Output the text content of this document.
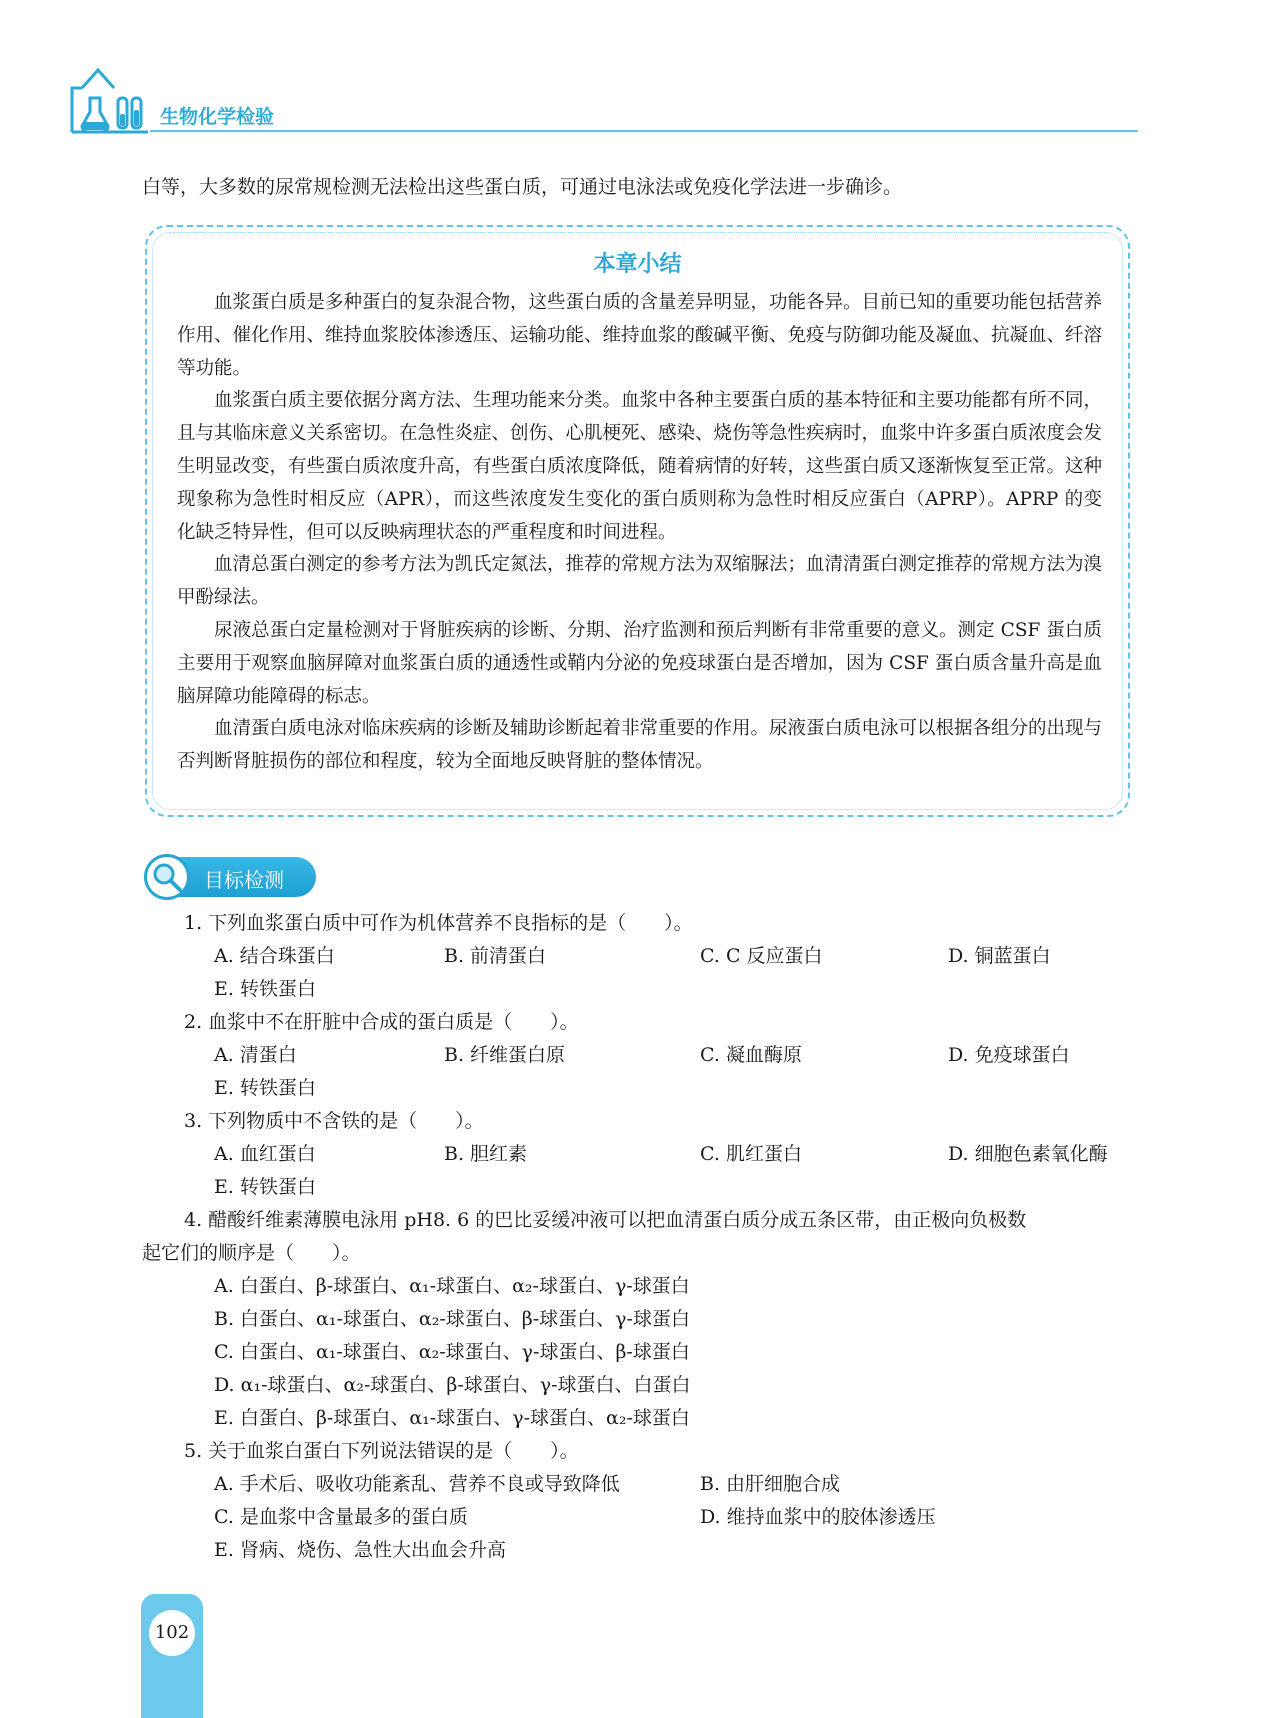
生物化学检验
白等，大多数的尿常规检测无法检出这些蛋白质，可通过电泳法或免疫化学法进一步确诊。
本章小结

血浆蛋白质是多种蛋白的复杂混合物，这些蛋白质的含量差异明显，功能各异。目前已知的重要功能包括营养作用、催化作用、维持血浆胶体渗透压、运输功能、维持血浆的酸碱平衡、免疫与防御功能及凝血、抗凝血、纤溶等功能。

血浆蛋白质主要依据分离方法、生理功能来分类。血浆中各种主要蛋白质的基本特征和主要功能都有所不同，且与其临床意义关系密切。在急性炎症、创伤、心肌梗死、感染、烧伤等急性疾病时，血浆中许多蛋白质浓度会发生明显改变，有些蛋白质浓度升高，有些蛋白质浓度降低，随着病情的好转，这些蛋白质又逐渐恢复至正常。这种现象称为急性时相反应（APR），而这些浓度发生变化的蛋白质则称为急性时相反应蛋白（APRP）。APRP 的变化缺乏特异性，但可以反映病理状态的严重程度和时间进程。

血清总蛋白测定的参考方法为凯氏定氮法，推荐的常规方法为双缩脲法；血清清蛋白测定推荐的常规方法为溴甲酚绿法。

尿液总蛋白定量检测对于肾脏疾病的诊断、分期、治疗监测和预后判断有非常重要的意义。测定 CSF 蛋白质主要用于观察血脑屏障对血浆蛋白质的通透性或鞘内分泌的免疫球蛋白是否增加，因为 CSF 蛋白质含量升高是血脑屏障功能障碍的标志。

血清蛋白质电泳对临床疾病的诊断及辅助诊断起着非常重要的作用。尿液蛋白质电泳可以根据各组分的出现与否判断肾脏损伤的部位和程度，较为全面地反映肾脏的整体情况。

目标检测
1. 下列血浆蛋白质中可作为机体营养不良指标的是（　　）。
A. 结合珠蛋白	B. 前清蛋白	C. C 反应蛋白	D. 铜蓝蛋白
E. 转铁蛋白
2. 血浆中不在肝脏中合成的蛋白质是（　　）。
A. 清蛋白	B. 纤维蛋白原	C. 凝血酶原	D. 免疫球蛋白
E. 转铁蛋白
3. 下列物质中不含铁的是（　　）。
A. 血红蛋白	B. 胆红素	C. 肌红蛋白	D. 细胞色素氧化酶
E. 转铁蛋白
4. 醋酸纤维素薄膜电泳用 pH8. 6 的巴比妥缓冲液可以把血清蛋白质分成五条区带，由正极向负极数
起它们的顺序是（　　）。
A. 白蛋白、β-球蛋白、α₁-球蛋白、α₂-球蛋白、γ-球蛋白
B. 白蛋白、α₁-球蛋白、α₂-球蛋白、β-球蛋白、γ-球蛋白
C. 白蛋白、α₁-球蛋白、α₂-球蛋白、γ-球蛋白、β-球蛋白
D. α₁-球蛋白、α₂-球蛋白、β-球蛋白、γ-球蛋白、白蛋白
E. 白蛋白、β-球蛋白、α₁-球蛋白、γ-球蛋白、α₂-球蛋白
5. 关于血浆白蛋白下列说法错误的是（　　）。
A. 手术后、吸收功能紊乱、营养不良或导致降低	B. 由肝细胞合成
C. 是血浆中含量最多的蛋白质	D. 维持血浆中的胶体渗透压
E. 肾病、烧伤、急性大出血会升高
102
